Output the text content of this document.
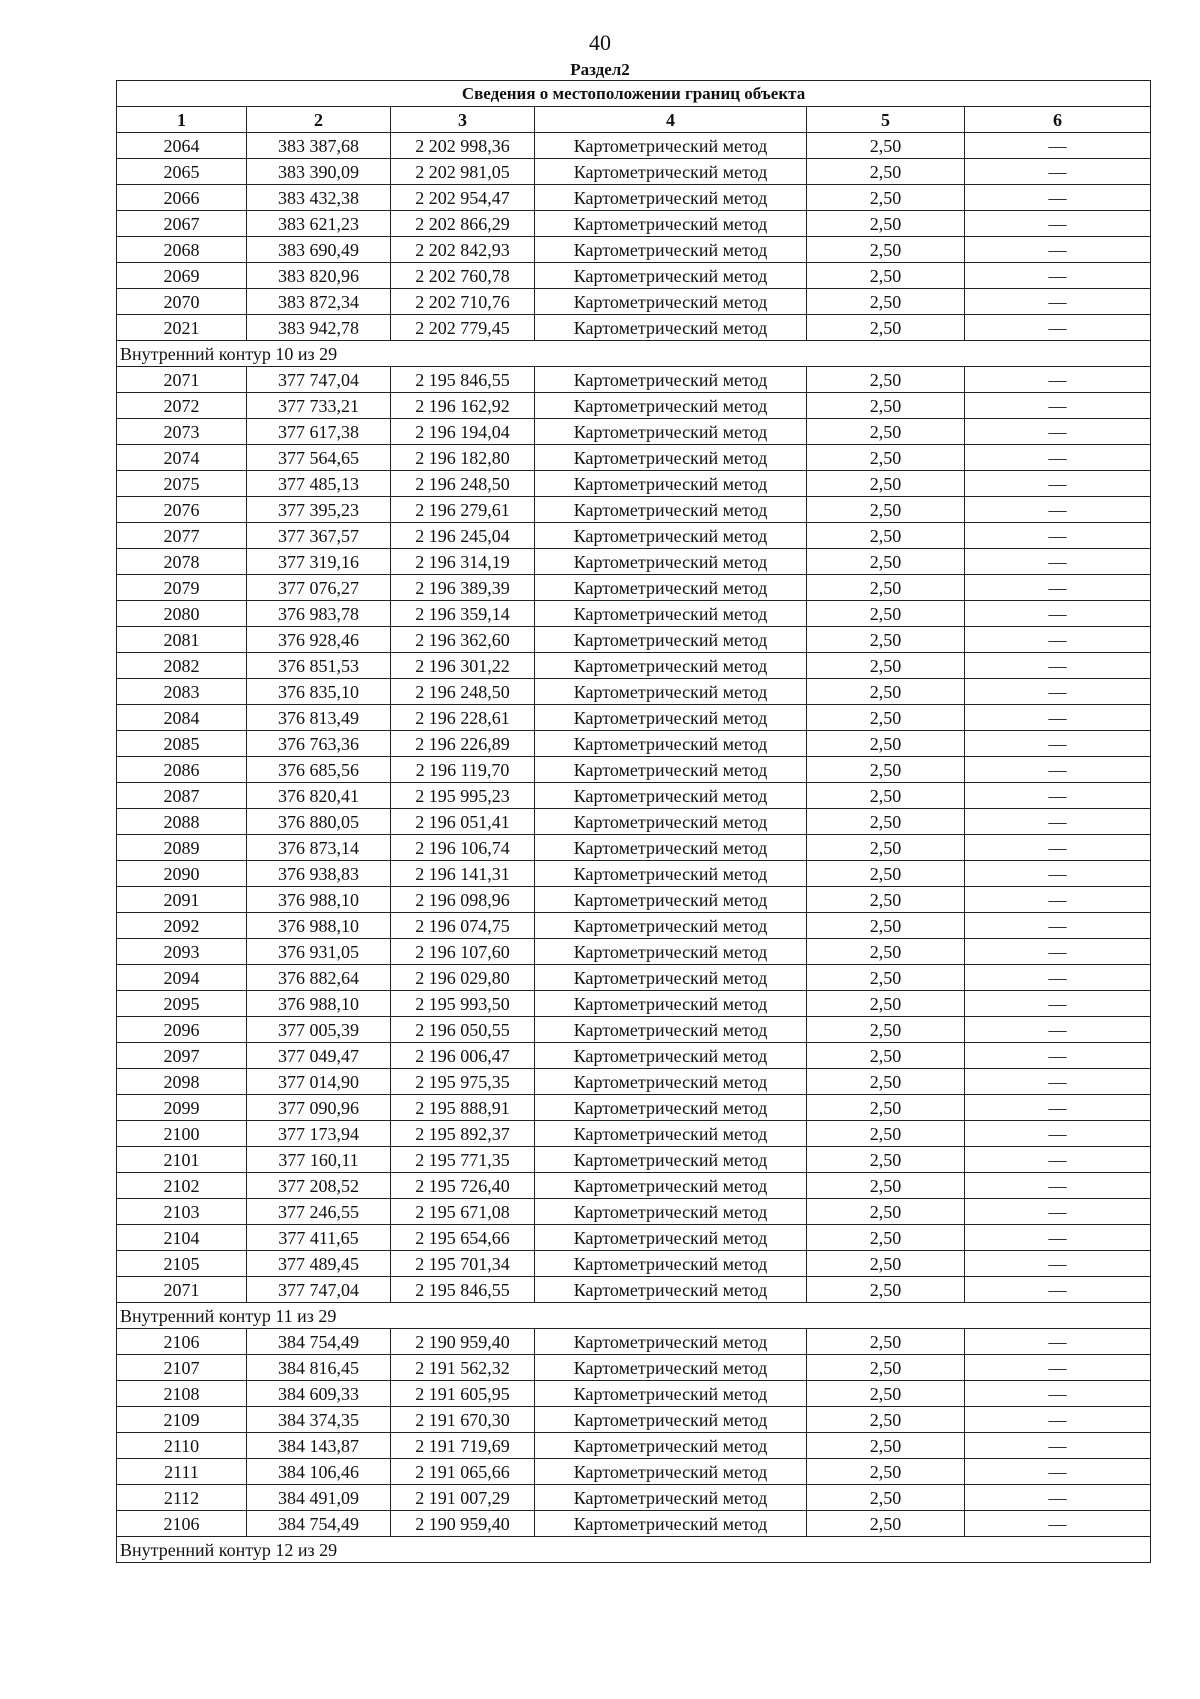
40
Раздел2
Сведения о местоположении границ объекта					
1	2	3	4	5	6
2064	383 387,68	2 202 998,36	Картометрический метод	2,50	—
2065	383 390,09	2 202 981,05	Картометрический метод	2,50	—
2066	383 432,38	2 202 954,47	Картометрический метод	2,50	—
2067	383 621,23	2 202 866,29	Картометрический метод	2,50	—
2068	383 690,49	2 202 842,93	Картометрический метод	2,50	—
2069	383 820,96	2 202 760,78	Картометрический метод	2,50	—
2070	383 872,34	2 202 710,76	Картометрический метод	2,50	—
2021	383 942,78	2 202 779,45	Картометрический метод	2,50	—
Внутренний контур 10 из 29					
2071	377 747,04	2 195 846,55	Картометрический метод	2,50	—
2072	377 733,21	2 196 162,92	Картометрический метод	2,50	—
2073	377 617,38	2 196 194,04	Картометрический метод	2,50	—
2074	377 564,65	2 196 182,80	Картометрический метод	2,50	—
2075	377 485,13	2 196 248,50	Картометрический метод	2,50	—
2076	377 395,23	2 196 279,61	Картометрический метод	2,50	—
2077	377 367,57	2 196 245,04	Картометрический метод	2,50	—
2078	377 319,16	2 196 314,19	Картометрический метод	2,50	—
2079	377 076,27	2 196 389,39	Картометрический метод	2,50	—
2080	376 983,78	2 196 359,14	Картометрический метод	2,50	—
2081	376 928,46	2 196 362,60	Картометрический метод	2,50	—
2082	376 851,53	2 196 301,22	Картометрический метод	2,50	—
2083	376 835,10	2 196 248,50	Картометрический метод	2,50	—
2084	376 813,49	2 196 228,61	Картометрический метод	2,50	—
2085	376 763,36	2 196 226,89	Картометрический метод	2,50	—
2086	376 685,56	2 196 119,70	Картометрический метод	2,50	—
2087	376 820,41	2 195 995,23	Картометрический метод	2,50	—
2088	376 880,05	2 196 051,41	Картометрический метод	2,50	—
2089	376 873,14	2 196 106,74	Картометрический метод	2,50	—
2090	376 938,83	2 196 141,31	Картометрический метод	2,50	—
2091	376 988,10	2 196 098,96	Картометрический метод	2,50	—
2092	376 988,10	2 196 074,75	Картометрический метод	2,50	—
2093	376 931,05	2 196 107,60	Картометрический метод	2,50	—
2094	376 882,64	2 196 029,80	Картометрический метод	2,50	—
2095	376 988,10	2 195 993,50	Картометрический метод	2,50	—
2096	377 005,39	2 196 050,55	Картометрический метод	2,50	—
2097	377 049,47	2 196 006,47	Картометрический метод	2,50	—
2098	377 014,90	2 195 975,35	Картометрический метод	2,50	—
2099	377 090,96	2 195 888,91	Картометрический метод	2,50	—
2100	377 173,94	2 195 892,37	Картометрический метод	2,50	—
2101	377 160,11	2 195 771,35	Картометрический метод	2,50	—
2102	377 208,52	2 195 726,40	Картометрический метод	2,50	—
2103	377 246,55	2 195 671,08	Картометрический метод	2,50	—
2104	377 411,65	2 195 654,66	Картометрический метод	2,50	—
2105	377 489,45	2 195 701,34	Картометрический метод	2,50	—
2071	377 747,04	2 195 846,55	Картометрический метод	2,50	—
Внутренний контур 11 из 29					
2106	384 754,49	2 190 959,40	Картометрический метод	2,50	—
2107	384 816,45	2 191 562,32	Картометрический метод	2,50	—
2108	384 609,33	2 191 605,95	Картометрический метод	2,50	—
2109	384 374,35	2 191 670,30	Картометрический метод	2,50	—
2110	384 143,87	2 191 719,69	Картометрический метод	2,50	—
2111	384 106,46	2 191 065,66	Картометрический метод	2,50	—
2112	384 491,09	2 191 007,29	Картометрический метод	2,50	—
2106	384 754,49	2 190 959,40	Картометрический метод	2,50	—
Внутренний контур 12 из 29					
